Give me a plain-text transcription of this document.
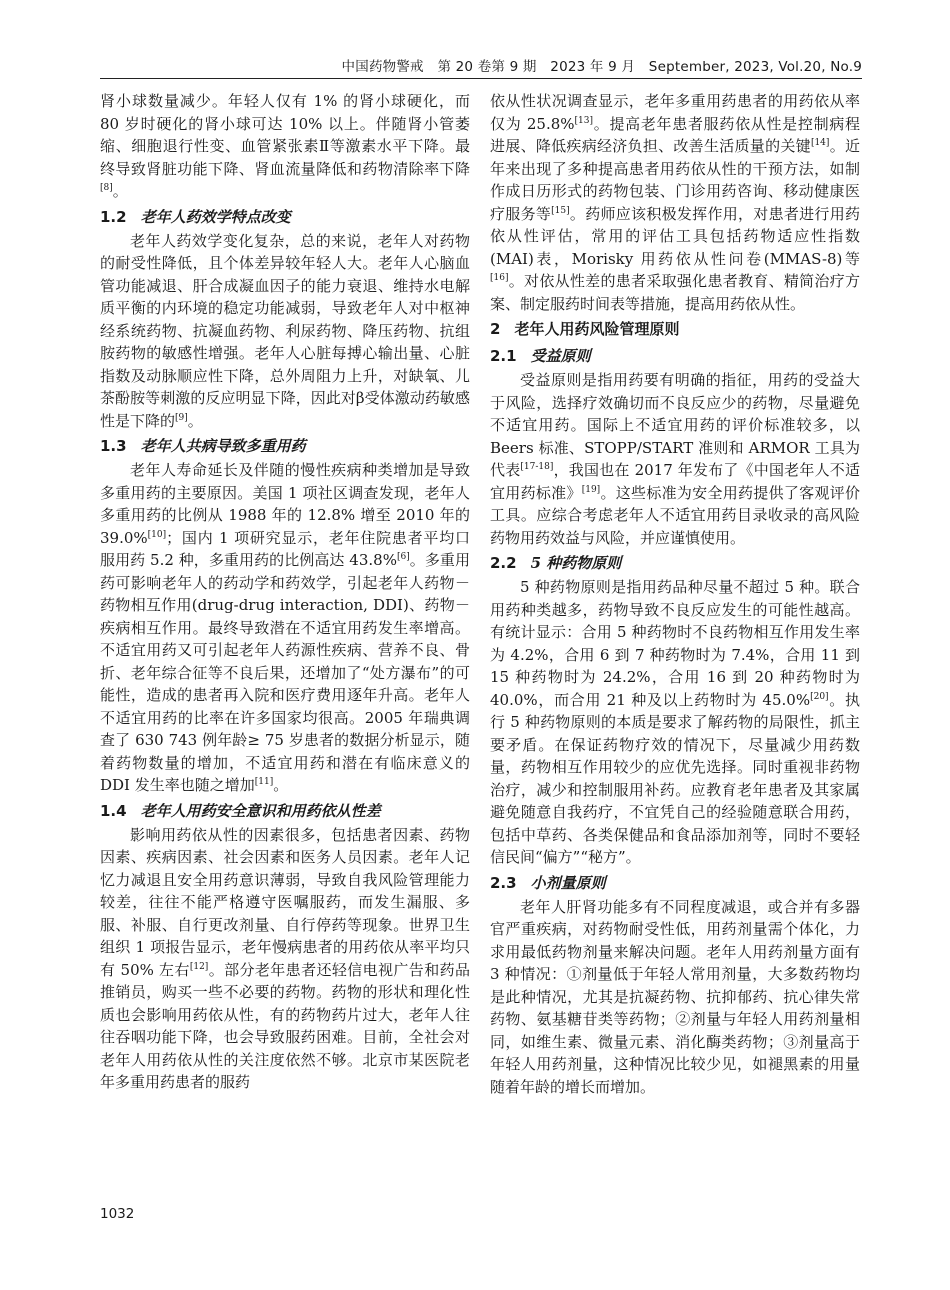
中国药物警戒　第 20 卷第 9 期　2023 年 9 月　September, 2023, Vol.20, No.9

肾小球数量减少。年轻人仅有 1% 的肾小球硬化，而 80 岁时硬化的肾小球可达 10% 以上。伴随肾小管萎缩、细胞退行性变、血管紧张素Ⅱ等激素水平下降。最终导致肾脏功能下降、肾血流量降低和药物清除率下降[8]。

1.2 老年人药效学特点改变

老年人药效学变化复杂，总的来说，老年人对药物的耐受性降低，且个体差异较年轻人大。老年人心脑血管功能减退、肝合成凝血因子的能力衰退、维持水电解质平衡的内环境的稳定功能减弱，导致老年人对中枢神经系统药物、抗凝血药物、利尿药物、降压药物、抗组胺药物的敏感性增强。老年人心脏每搏心输出量、心脏指数及动脉顺应性下降，总外周阻力上升，对缺氧、儿茶酚胺等刺激的反应明显下降，因此对β受体激动药敏感性是下降的[9]。

1.3 老年人共病导致多重用药

老年人寿命延长及伴随的慢性疾病种类增加是导致多重用药的主要原因。美国 1 项社区调查发现，老年人多重用药的比例从 1988 年的 12.8% 增至 2010 年的 39.0%[10]；国内 1 项研究显示，老年住院患者平均口服用药 5.2 种，多重用药的比例高达 43.8%[6]。多重用药可影响老年人的药动学和药效学，引起老年人药物－药物相互作用(drug-drug interaction, DDI)、药物－疾病相互作用。最终导致潜在不适宜用药发生率增高。不适宜用药又可引起老年人药源性疾病、营养不良、骨折、老年综合征等不良后果，还增加了“处方瀑布”的可能性，造成的患者再入院和医疗费用逐年升高。老年人不适宜用药的比率在许多国家均很高。2005 年瑞典调查了 630 743 例年龄≥ 75 岁患者的数据分析显示，随着药物数量的增加，不适宜用药和潜在有临床意义的 DDI 发生率也随之增加[11]。

1.4 老年人用药安全意识和用药依从性差

影响用药依从性的因素很多，包括患者因素、药物因素、疾病因素、社会因素和医务人员因素。老年人记忆力减退且安全用药意识薄弱，导致自我风险管理能力较差，往往不能严格遵守医嘱服药，而发生漏服、多服、补服、自行更改剂量、自行停药等现象。世界卫生组织 1 项报告显示，老年慢病患者的用药依从率平均只有 50% 左右[12]。部分老年患者还轻信电视广告和药品推销员，购买一些不必要的药物。药物的形状和理化性质也会影响用药依从性，有的药物药片过大，老年人往往吞咽功能下降，也会导致服药困难。目前，全社会对老年人用药依从性的关注度依然不够。北京市某医院老年多重用药患者的服药

依从性状况调查显示，老年多重用药患者的用药依从率仅为 25.8%[13]。提高老年患者服药依从性是控制病程进展、降低疾病经济负担、改善生活质量的关键[14]。近年来出现了多种提高患者用药依从性的干预方法，如制作成日历形式的药物包装、门诊用药咨询、移动健康医疗服务等[15]。药师应该积极发挥作用，对患者进行用药依从性评估，常用的评估工具包括药物适应性指数(MAI)表，Morisky 用药依从性问卷(MMAS-8)等[16]。对依从性差的患者采取强化患者教育、精简治疗方案、制定服药时间表等措施，提高用药依从性。

2 老年人用药风险管理原则
2.1 受益原则

受益原则是指用药要有明确的指征，用药的受益大于风险，选择疗效确切而不良反应少的药物，尽量避免不适宜用药。国际上不适宜用药的评价标准较多，以 Beers 标准、STOPP/START 准则和 ARMOR 工具为代表[17-18]，我国也在 2017 年发布了《中国老年人不适宜用药标准》[19]。这些标准为安全用药提供了客观评价工具。应综合考虑老年人不适宜用药目录收录的高风险药物用药效益与风险，并应谨慎使用。

2.2 5 种药物原则

5 种药物原则是指用药品种尽量不超过 5 种。联合用药种类越多，药物导致不良反应发生的可能性越高。有统计显示：合用 5 种药物时不良药物相互作用发生率为 4.2%，合用 6 到 7 种药物时为 7.4%，合用 11 到 15 种药物时为 24.2%，合用 16 到 20 种药物时为 40.0%，而合用 21 种及以上药物时为 45.0%[20]。执行 5 种药物原则的本质是要求了解药物的局限性，抓主要矛盾。在保证药物疗效的情况下，尽量减少用药数量，药物相互作用较少的应优先选择。同时重视非药物治疗，减少和控制服用补药。应教育老年患者及其家属避免随意自我药疗，不宜凭自己的经验随意联合用药，包括中草药、各类保健品和食品添加剂等，同时不要轻信民间“偏方”“秘方”。

2.3 小剂量原则

老年人肝肾功能多有不同程度减退，或合并有多器官严重疾病，对药物耐受性低，用药剂量需个体化，力求用最低药物剂量来解决问题。老年人用药剂量方面有 3 种情况：①剂量低于年轻人常用剂量，大多数药物均是此种情况，尤其是抗凝药物、抗抑郁药、抗心律失常药物、氨基糖苷类等药物；②剂量与年轻人用药剂量相同，如维生素、微量元素、消化酶类药物；③剂量高于年轻人用药剂量，这种情况比较少见，如褪黑素的用量随着年龄的增长而增加。

1032
